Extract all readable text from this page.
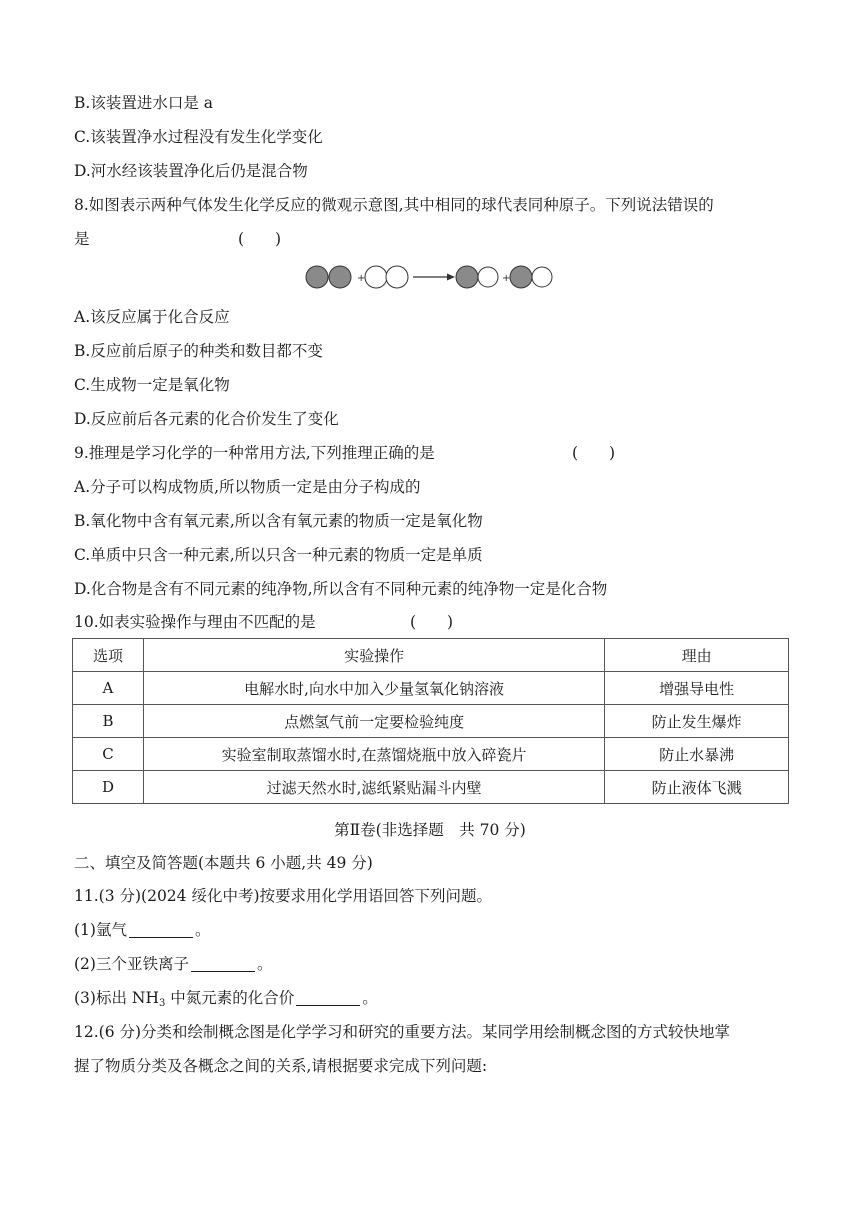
B.该装置进水口是 a
C.该装置净水过程没有发生化学变化
D.河水经该装置净化后仍是混合物
8.如图表示两种气体发生化学反应的微观示意图,其中相同的球代表同种原子。下列说法错误的
是	(　　)
+	+
A.该反应属于化合反应
B.反应前后原子的种类和数目都不变
C.生成物一定是氧化物
D.反应前后各元素的化合价发生了变化
9.推理是学习化学的一种常用方法,下列推理正确的是	(　　)
A.分子可以构成物质,所以物质一定是由分子构成的
B.氧化物中含有氧元素,所以含有氧元素的物质一定是氧化物
C.单质中只含一种元素,所以只含一种元素的物质一定是单质
D.化合物是含有不同元素的纯净物,所以含有不同种元素的纯净物一定是化合物
10.如表实验操作与理由不匹配的是	(　　)
选项	实验操作	理由
A	电解水时,向水中加入少量氢氧化钠溶液	增强导电性
B	点燃氢气前一定要检验纯度	防止发生爆炸
C	实验室制取蒸馏水时,在蒸馏烧瓶中放入碎瓷片	防止水暴沸
D	过滤天然水时,滤纸紧贴漏斗内壁	防止液体飞溅
第Ⅱ卷(非选择题　共 70 分)
二、填空及简答题(本题共 6 小题,共 49 分)
11.(3 分)(2024 绥化中考)按要求用化学用语回答下列问题。
(1)氩气	。
(2)三个亚铁离子	。
(3)标出 $NH_3$ 中氮元素的化合价	。
12.(6 分)分类和绘制概念图是化学学习和研究的重要方法。某同学用绘制概念图的方式较快地掌
握了物质分类及各概念之间的关系,请根据要求完成下列问题:
